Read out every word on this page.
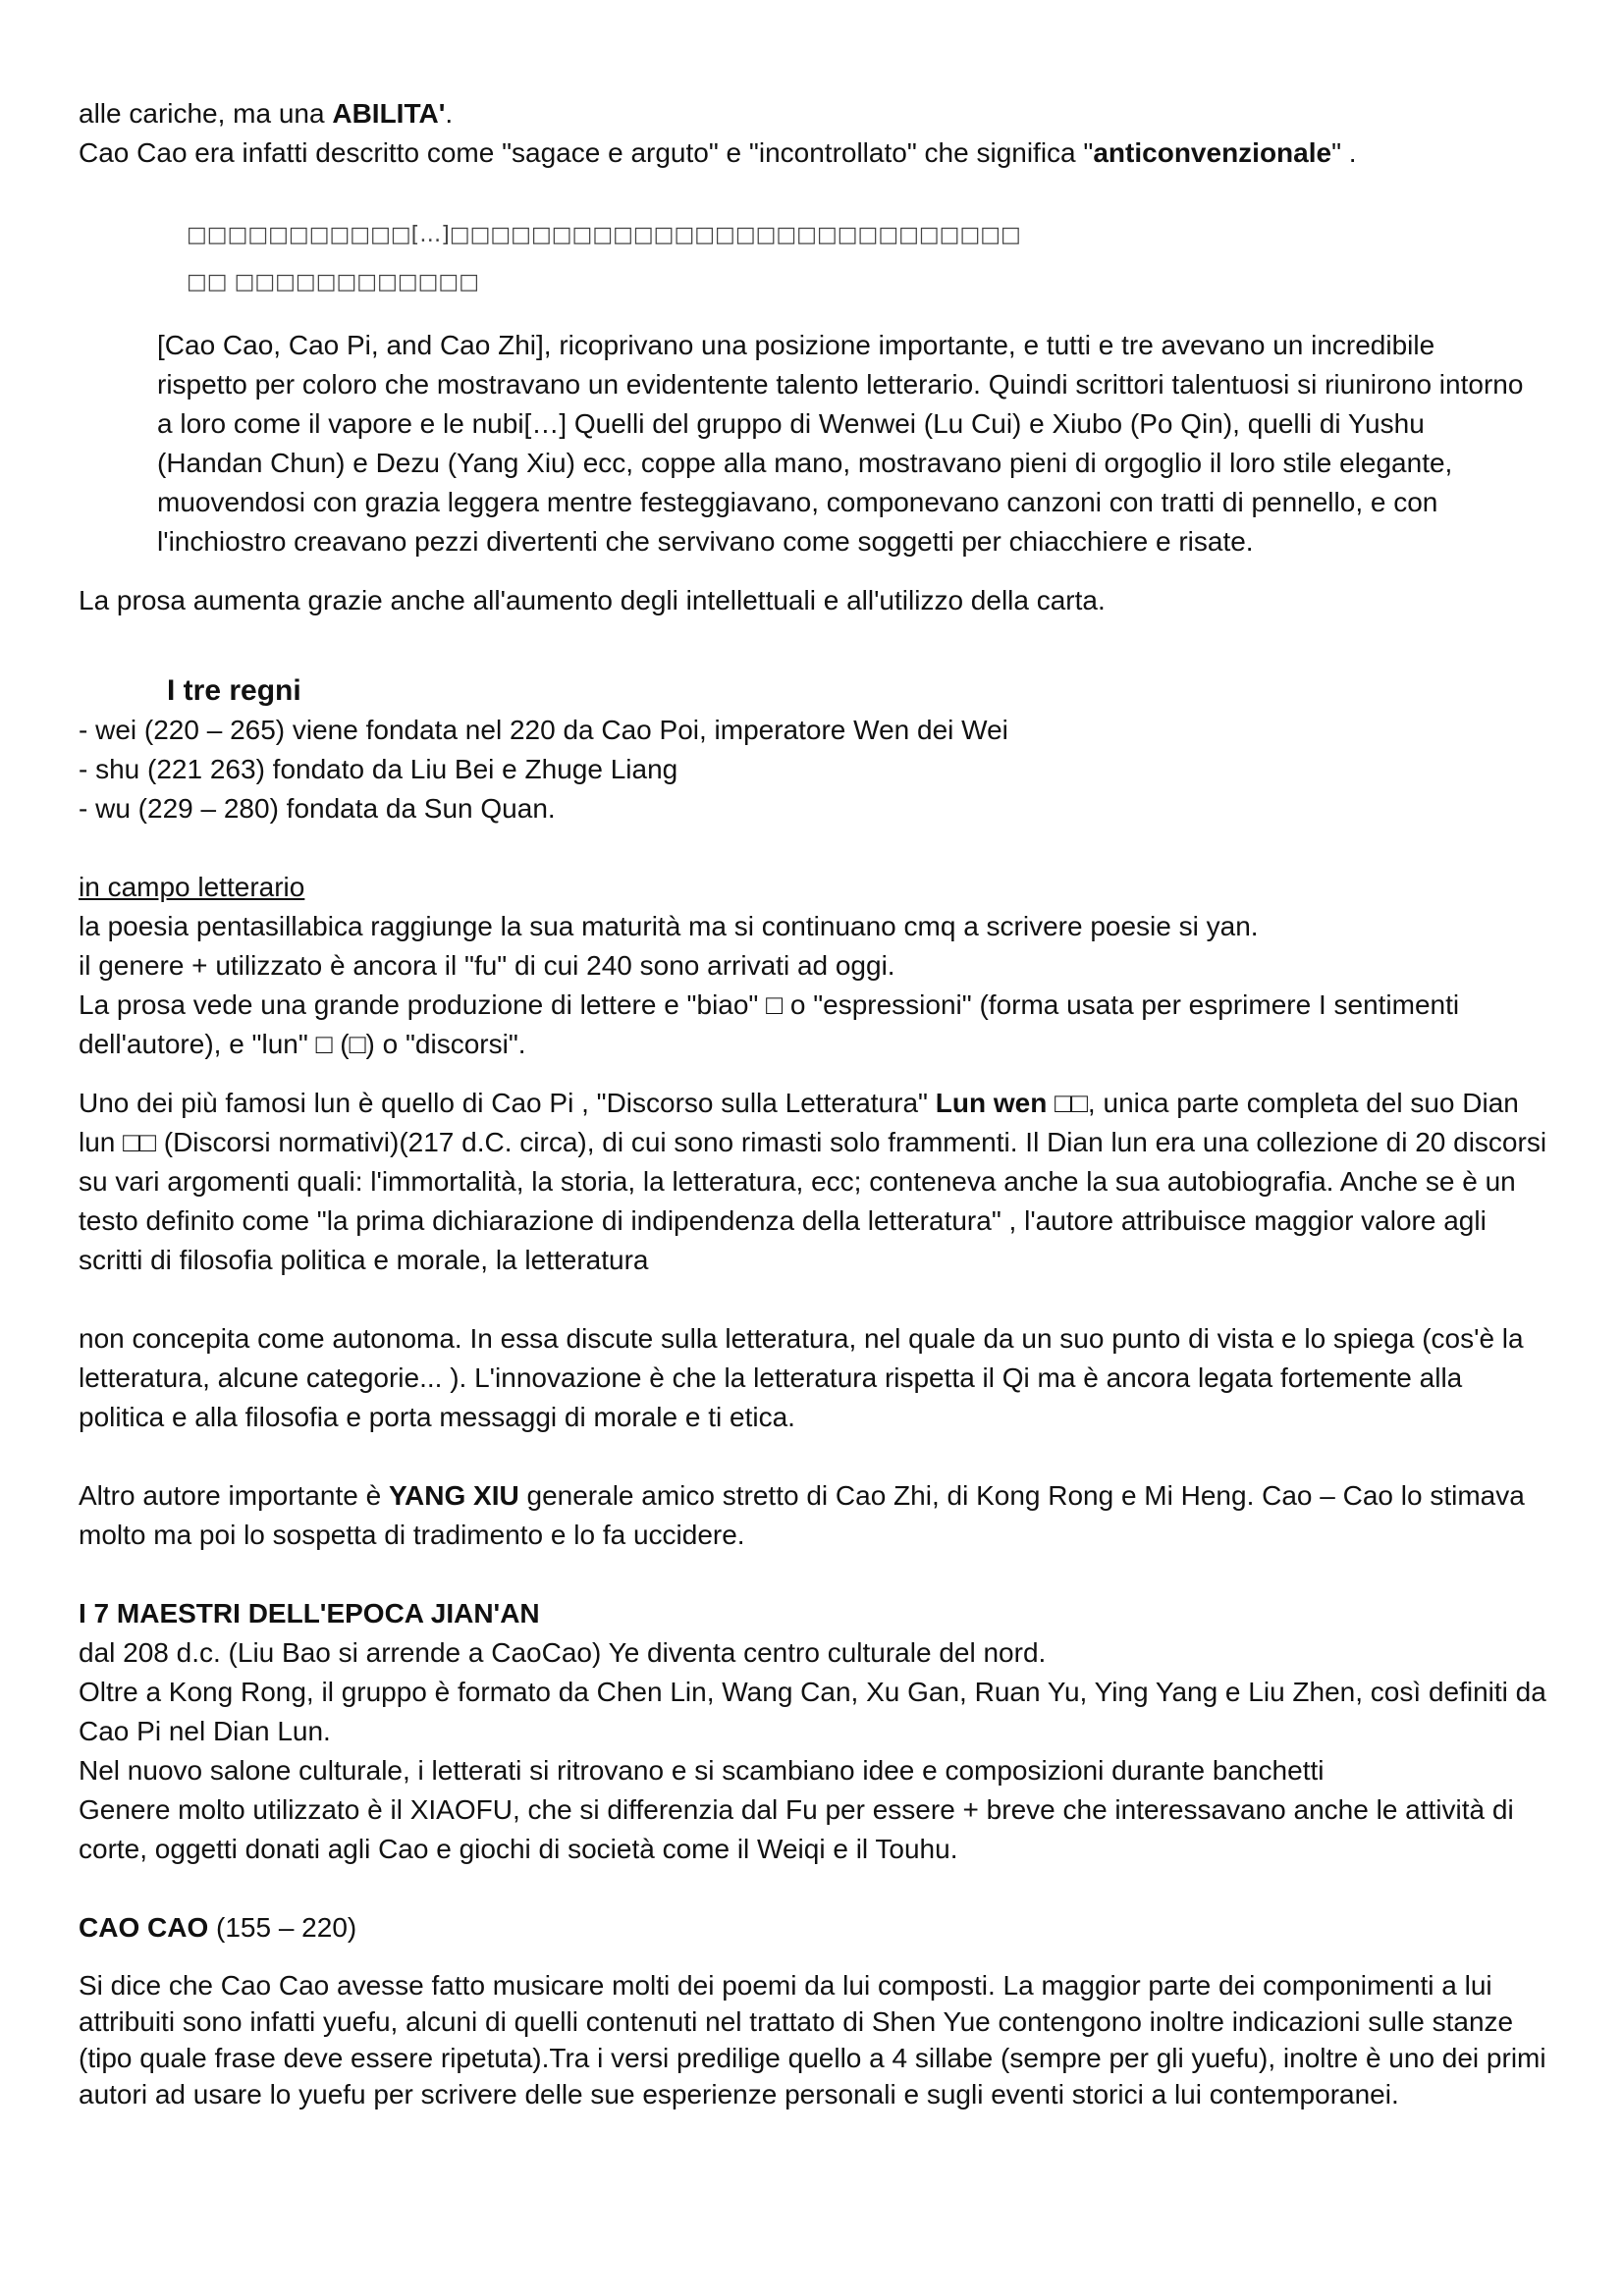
alle cariche, ma una ABILITA'.

Cao Cao era infatti descritto come "sagace e arguto" e "incontrollato" che significa "anticonvenzionale" .

□□□□□□□□□□□[…]□□□□□□□□□□□□□□□□□□□□□□□□□□□□

□□ □□□□□□□□□□□□

[Cao Cao, Cao Pi, and Cao Zhi], ricoprivano una posizione importante, e tutti e tre avevano un incredibile rispetto per coloro che mostravano un evidentente talento letterario. Quindi scrittori talentuosi si riunirono intorno a loro come il vapore e le nubi[…] Quelli del gruppo di Wenwei (Lu Cui) e Xiubo (Po Qin), quelli di Yushu (Handan Chun) e Dezu (Yang Xiu) ecc, coppe alla mano, mostravano pieni di orgoglio il loro stile elegante, muovendosi con grazia leggera mentre festeggiavano, componevano canzoni con tratti di pennello, e con l'inchiostro creavano pezzi divertenti che servivano come soggetti per chiacchiere e risate.

La prosa aumenta grazie anche all'aumento degli intellettuali e all'utilizzo della carta.

I tre regni

- wei (220 – 265) viene fondata nel 220 da Cao Poi, imperatore Wen dei Wei

- shu (221 263) fondato da Liu Bei e Zhuge Liang

- wu (229 – 280) fondata da Sun Quan.

in campo letterario

la poesia pentasillabica raggiunge la sua maturità ma si continuano cmq a scrivere poesie si yan.

il genere + utilizzato è ancora il "fu" di cui 240 sono arrivati ad oggi.

La prosa vede una grande produzione di lettere e "biao" □ o "espressioni" (forma usata per esprimere I sentimenti dell'autore), e "lun" □ (□) o "discorsi".

Uno dei più famosi lun è quello di Cao Pi , "Discorso sulla Letteratura" Lun wen □□, unica parte completa del suo Dian lun □□ (Discorsi normativi)(217 d.C. circa), di cui sono rimasti solo frammenti. Il Dian lun era una collezione di 20 discorsi su vari argomenti quali: l'immortalità, la storia, la letteratura, ecc; conteneva anche la sua autobiografia. Anche se è un testo definito come "la prima dichiarazione di indipendenza della letteratura" , l'autore attribuisce maggior valore agli scritti di filosofia politica e morale, la letteratura

non concepita come autonoma. In essa discute sulla letteratura, nel quale da un suo punto di vista e lo spiega (cos'è la letteratura, alcune categorie... ). L'innovazione è che la letteratura rispetta il Qi ma è ancora legata fortemente alla politica e alla filosofia e porta messaggi di morale e ti etica.

Altro autore importante è YANG XIU generale amico stretto di Cao Zhi, di Kong Rong e Mi Heng. Cao – Cao lo stimava molto ma poi lo sospetta di tradimento e lo fa uccidere.

I 7 MAESTRI DELL'EPOCA JIAN'AN

dal 208 d.c. (Liu Bao si arrende a CaoCao) Ye diventa centro culturale del nord.

Oltre a Kong Rong, il gruppo è formato da Chen Lin, Wang Can, Xu Gan, Ruan Yu, Ying Yang e Liu Zhen, così definiti da Cao Pi nel Dian Lun.

Nel nuovo salone culturale, i letterati si ritrovano e si scambiano idee e composizioni durante banchetti

Genere molto utilizzato è il XIAOFU, che si differenzia dal Fu per essere + breve che interessavano anche le attività di corte, oggetti donati agli Cao e giochi di società come il Weiqi e il Touhu.

CAO CAO (155 – 220)

Si dice che Cao Cao avesse fatto musicare molti dei poemi da lui composti. La maggior parte dei componimenti a lui attribuiti sono infatti yuefu, alcuni di quelli contenuti nel trattato di Shen Yue contengono inoltre indicazioni sulle stanze (tipo quale frase deve essere ripetuta).Tra i versi predilige quello a 4 sillabe (sempre per gli yuefu), inoltre è uno dei primi autori ad usare lo yuefu per scrivere delle sue esperienze personali e sugli eventi storici a lui contemporanei.
